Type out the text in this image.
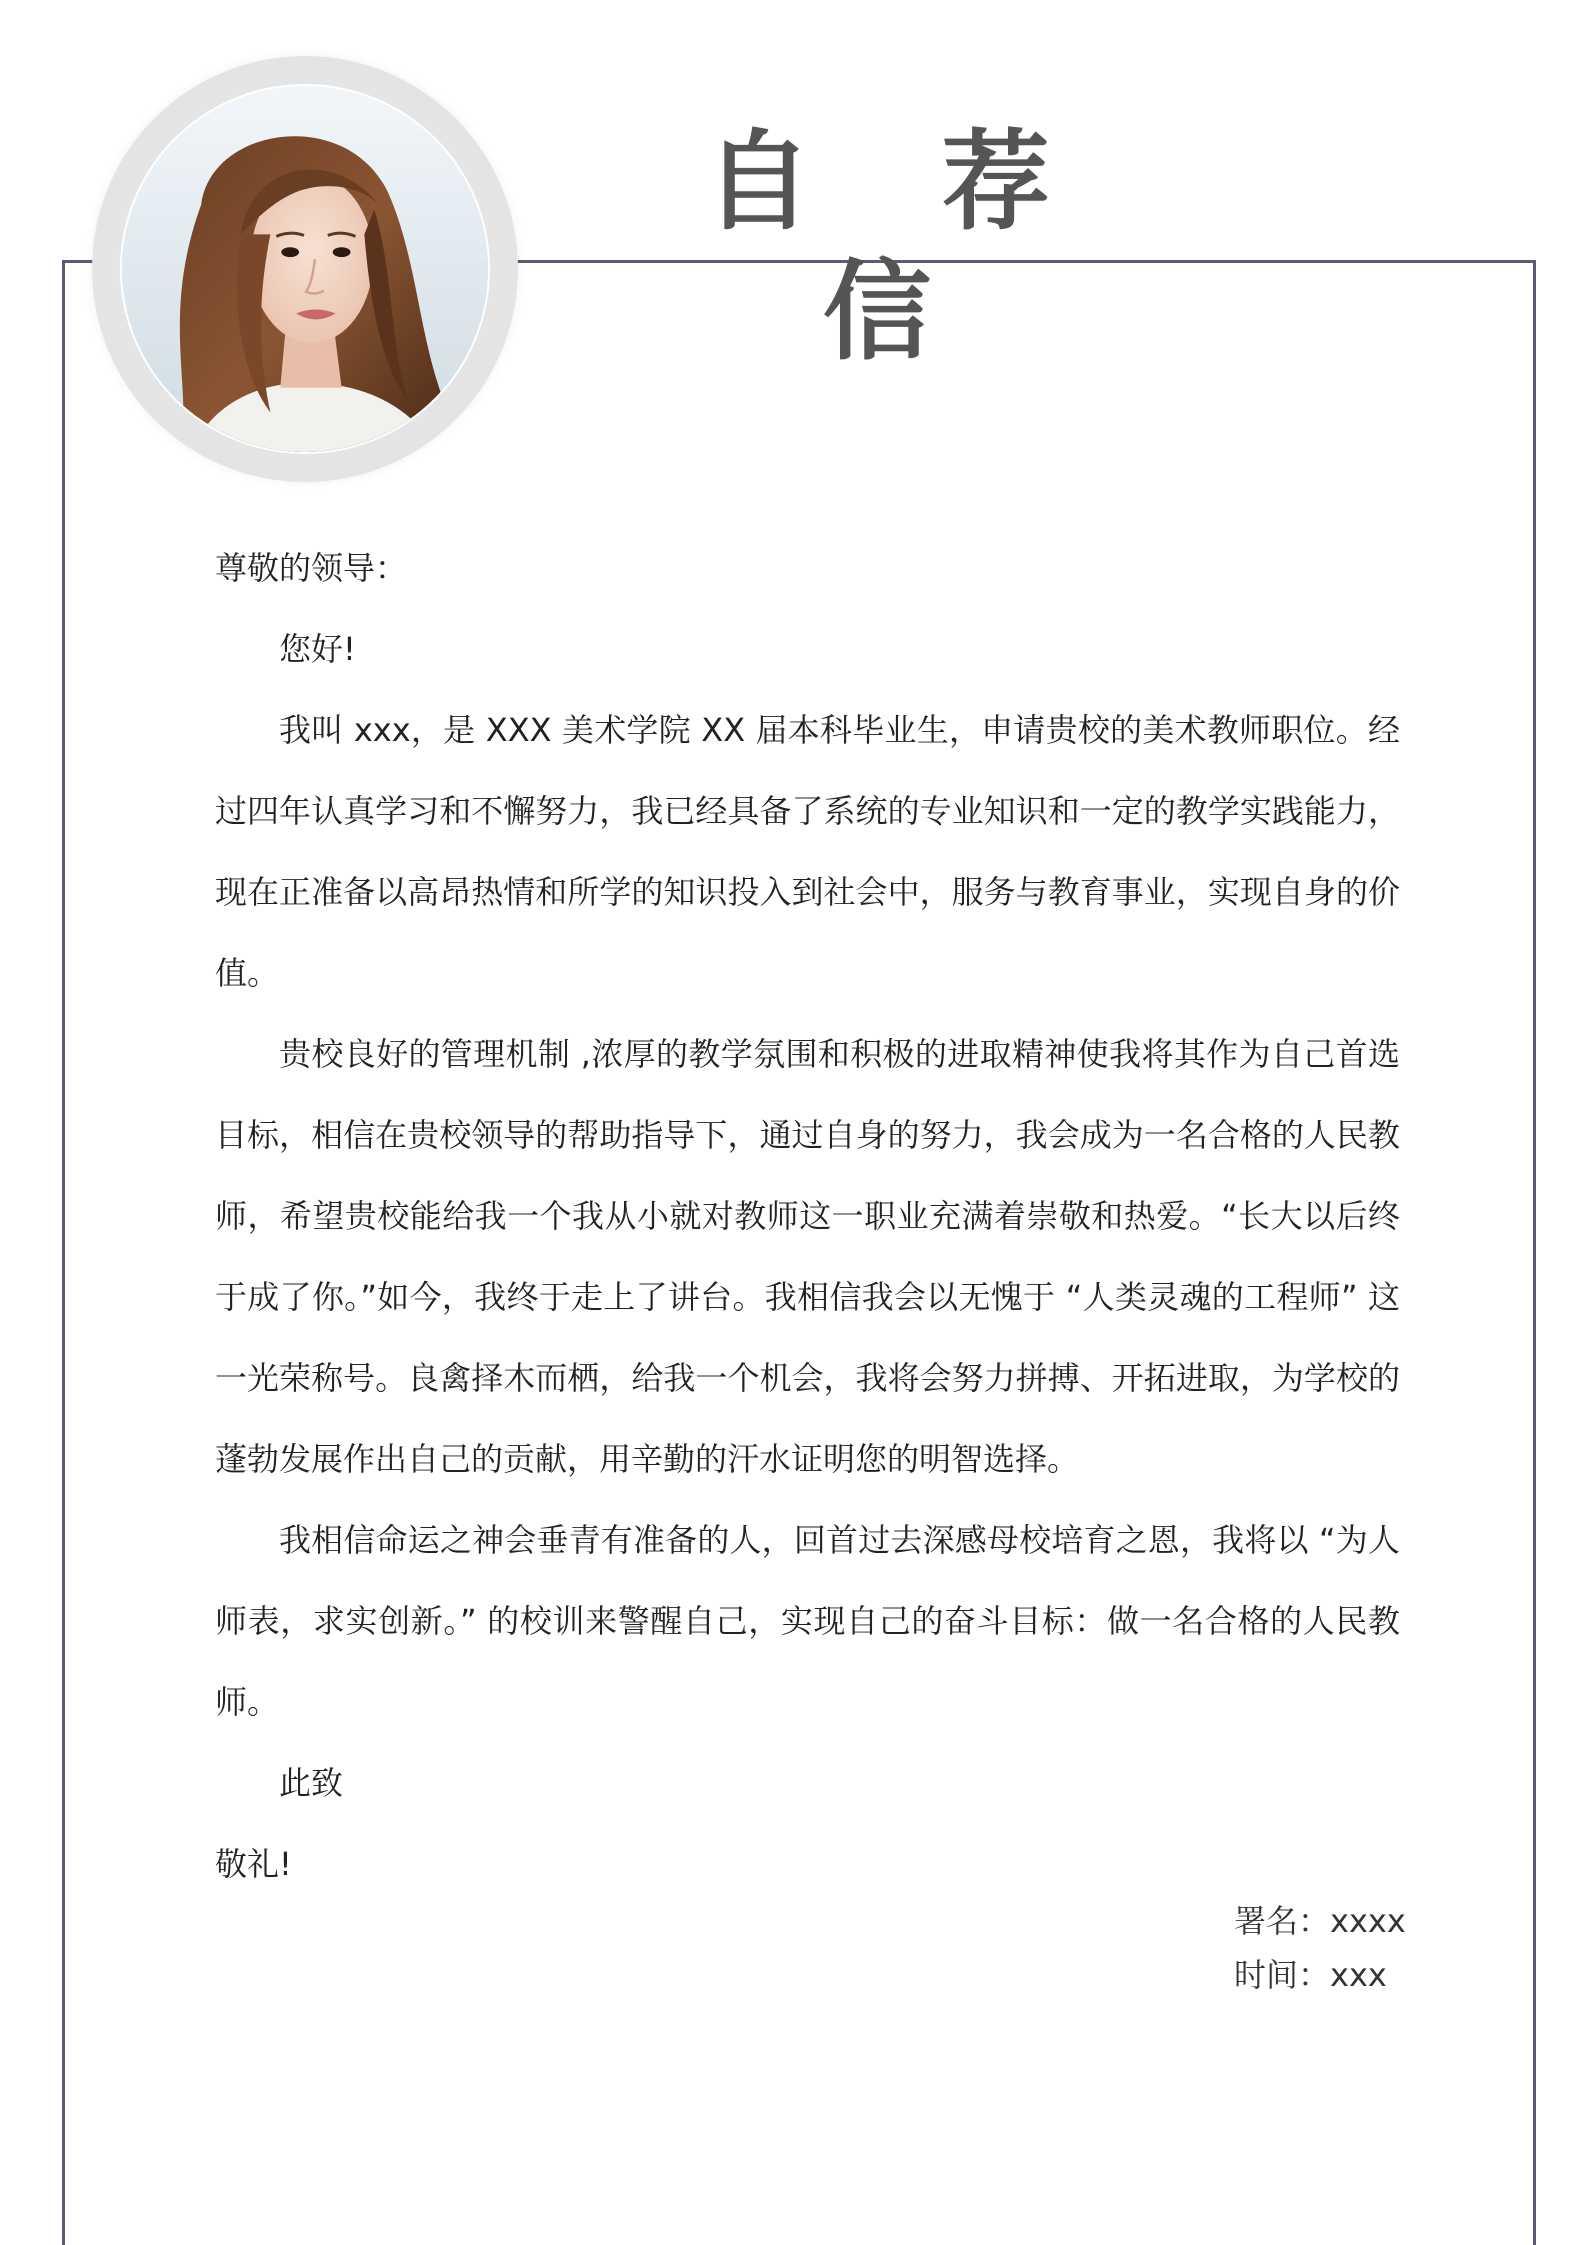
自 荐 信

尊敬的领导：

您好!

我叫 xxx，是 XXX 美术学院 XX 届本科毕业生，申请贵校的美术教师职位。经过四年认真学习和不懈努力，我已经具备了系统的专业知识和一定的教学实践能力，现在正准备以高昂热情和所学的知识投入到社会中，服务与教育事业，实现自身的价值。

贵校良好的管理机制 ,浓厚的教学氛围和积极的进取精神使我将其作为自己首选目标，相信在贵校领导的帮助指导下，通过自身的努力，我会成为一名合格的人民教师，希望贵校能给我一个我从小就对教师这一职业充满着崇敬和热爱。“长大以后终于成了你。”如今，我终于走上了讲台。我相信我会以无愧于 “人类灵魂的工程师” 这一光荣称号。良禽择木而栖，给我一个机会，我将会努力拼搏、开拓进取，为学校的蓬勃发展作出自己的贡献，用辛勤的汗水证明您的明智选择。

我相信命运之神会垂青有准备的人，回首过去深感母校培育之恩，我将以 “为人师表，求实创新。” 的校训来警醒自己，实现自己的奋斗目标：做一名合格的人民教师。

此致

敬礼!

署名：xxxx
时间：xxx
